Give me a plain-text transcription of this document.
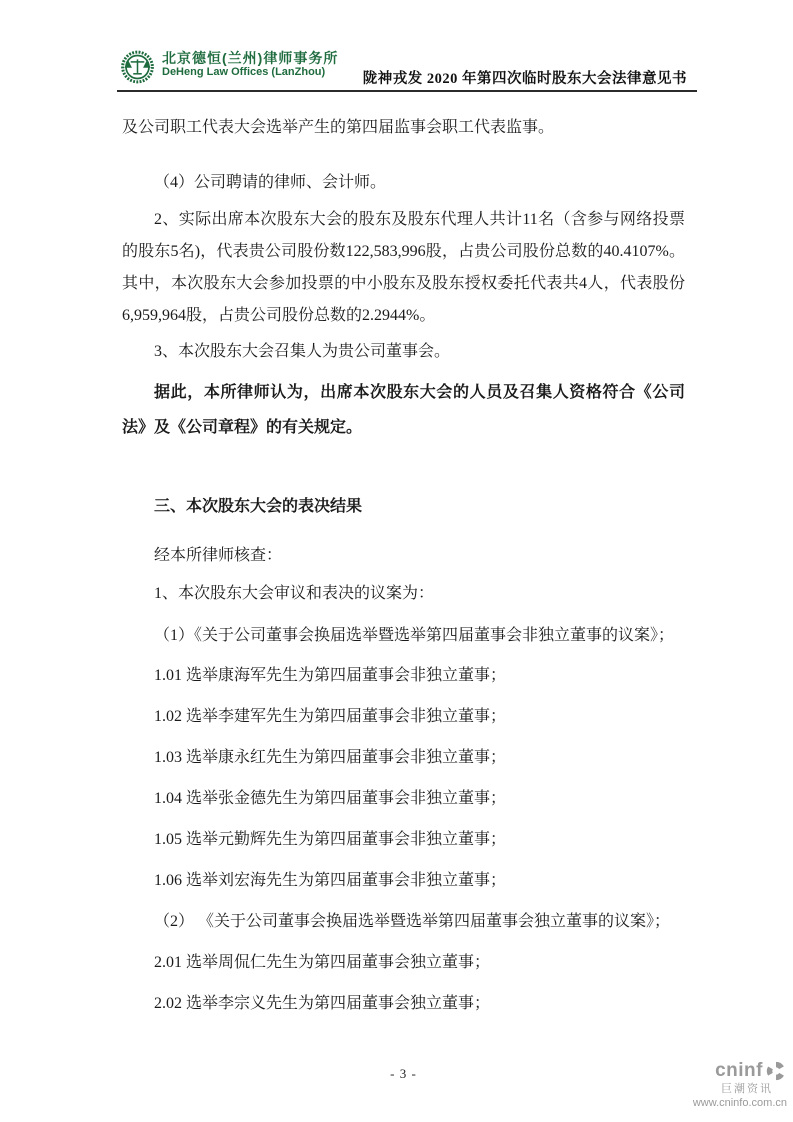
北京德恒(兰州)律师事务所
DeHeng Law Offices (LanZhou)	陇神戎发 2020 年第四次临时股东大会法律意见书

及公司职工代表大会选举产生的第四届监事会职工代表监事。

（4）公司聘请的律师、会计师。

2、实际出席本次股东大会的股东及股东代理人共计11名（含参与网络投票的股东5名)，代表贵公司股份数122,583,996股，占贵公司股份总数的40.4107%。其中，本次股东大会参加投票的中小股东及股东授权委托代表共4人，代表股份6,959,964股，占贵公司股份总数的2.2944%。

3、本次股东大会召集人为贵公司董事会。

据此，本所律师认为，出席本次股东大会的人员及召集人资格符合《公司法》及《公司章程》的有关规定。

三、本次股东大会的表决结果

经本所律师核查：

1、本次股东大会审议和表决的议案为：

（1）《关于公司董事会换届选举暨选举第四届董事会非独立董事的议案》；

1.01 选举康海军先生为第四届董事会非独立董事；

1.02 选举李建军先生为第四届董事会非独立董事；

1.03 选举康永红先生为第四届董事会非独立董事；

1.04 选举张金德先生为第四届董事会非独立董事；

1.05 选举元勤辉先生为第四届董事会非独立董事；

1.06 选举刘宏海先生为第四届董事会非独立董事；

（2） 《关于公司董事会换届选举暨选举第四届董事会独立董事的议案》；

2.01 选举周侃仁先生为第四届董事会独立董事；

2.02 选举李宗义先生为第四届董事会独立董事；

- 3 -	cninf
巨潮资讯
www.cninfo.com.cn
